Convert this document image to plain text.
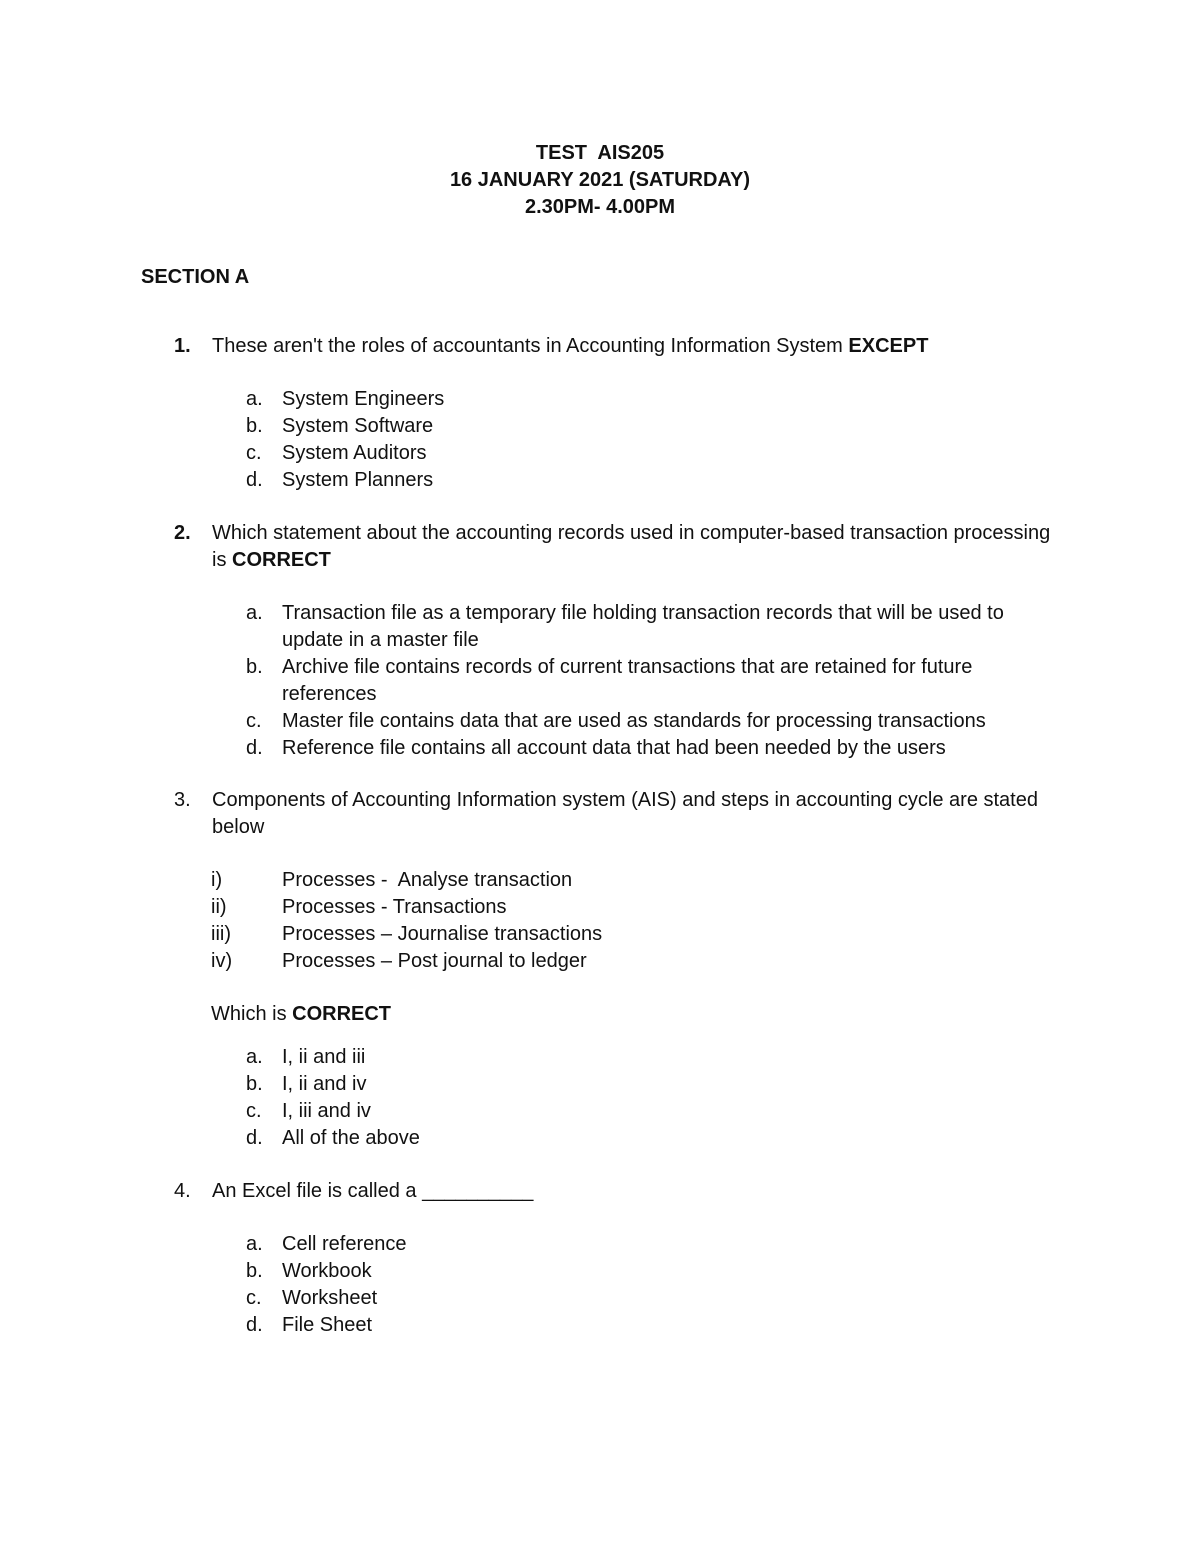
TEST  AIS205
16 JANUARY 2021 (SATURDAY)
2.30PM- 4.00PM
SECTION A
1. These aren't the roles of accountants in Accounting Information System EXCEPT
a. System Engineers
b. System Software
c. System Auditors
d. System Planners
2. Which statement about the accounting records used in computer-based transaction processing is CORRECT
a. Transaction file as a temporary file holding transaction records that will be used to update in a master file
b. Archive file contains records of current transactions that are retained for future references
c. Master file contains data that are used as standards for processing transactions
d. Reference file contains all account data that had been needed by the users
3. Components of Accounting Information system (AIS) and steps in accounting cycle are stated below
i)	Processes -  Analyse transaction
ii)	Processes - Transactions
iii)	Processes – Journalise transactions
iv) Processes – Post journal to ledger
Which is CORRECT
a. I, ii and iii
b. I, ii and iv
c. I, iii and iv
d. All of the above
4. An Excel file is called a __________
a. Cell reference
b. Workbook
c. Worksheet
d. File Sheet
